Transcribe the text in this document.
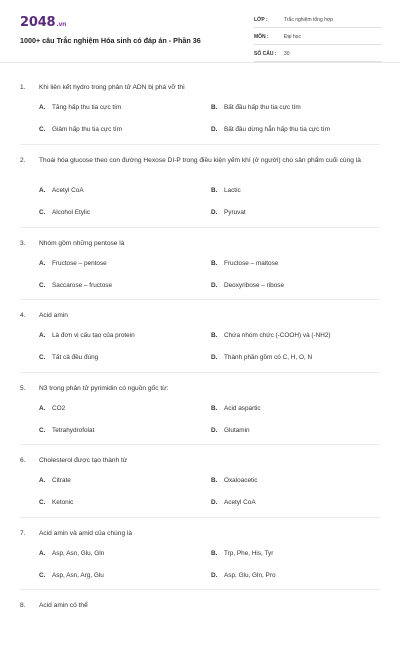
2048.vn
1000+ câu Trắc nghiệm Hóa sinh có đáp án - Phần 36
LỚP :	Trắc nghiệm tổng hợp
MÔN :	Đại học
SỐ CÂU :	30
1. Khi liên kết hydro trong phân tử ADN bị phá vỡ thì
A. Tăng hấp thu tia cực tím	B. Bất đầu hấp thu tia cực tím
C. Giảm hấp thu tia cực tím	D. Bất đầu dừng hẳn hấp thu tia cực tím
2.	Thoái hóa glucose theo con đường Hexose DI-P trong điều kiện yếm khí (ở người) cho sản phẩm cuối cùng là
A. Acetyl CoA	B. Lactic
C. Alcohol Etylic	D. Pyruvat
3. Nhóm gồm những pentose là
A. Fructose – pentose	B. Fructose – maltose
C. Saccarose – fructose	D. Deoxyribose – ribose
4. Acid amin
A. Là đơn vị cấu tạo của protein	B. Chứa nhóm chức (-COOH) và (-NH2)
C. Tất cả đều đúng	D. Thành phần gồm có C, H, O, N
5. N3 trong phân tử pyrimidin có nguồn gốc từ:
A. CO2	B. Acid aspartic
C. Tetrahydrofolat	D. Glutamin
6. Cholesterol được tạo thành từ
A. Citrate	B. Oxaloacetic
C. Ketonic	D. Acetyl CoA
7. Acid amin và amid của chúng là
A. Asp, Asn, Glu, Gln	B. Trp, Phe, His, Tyr
C. Asp, Asn, Arg, Glu	D. Asp, Glu, Gln, Pro
8. Acid amin có thể
